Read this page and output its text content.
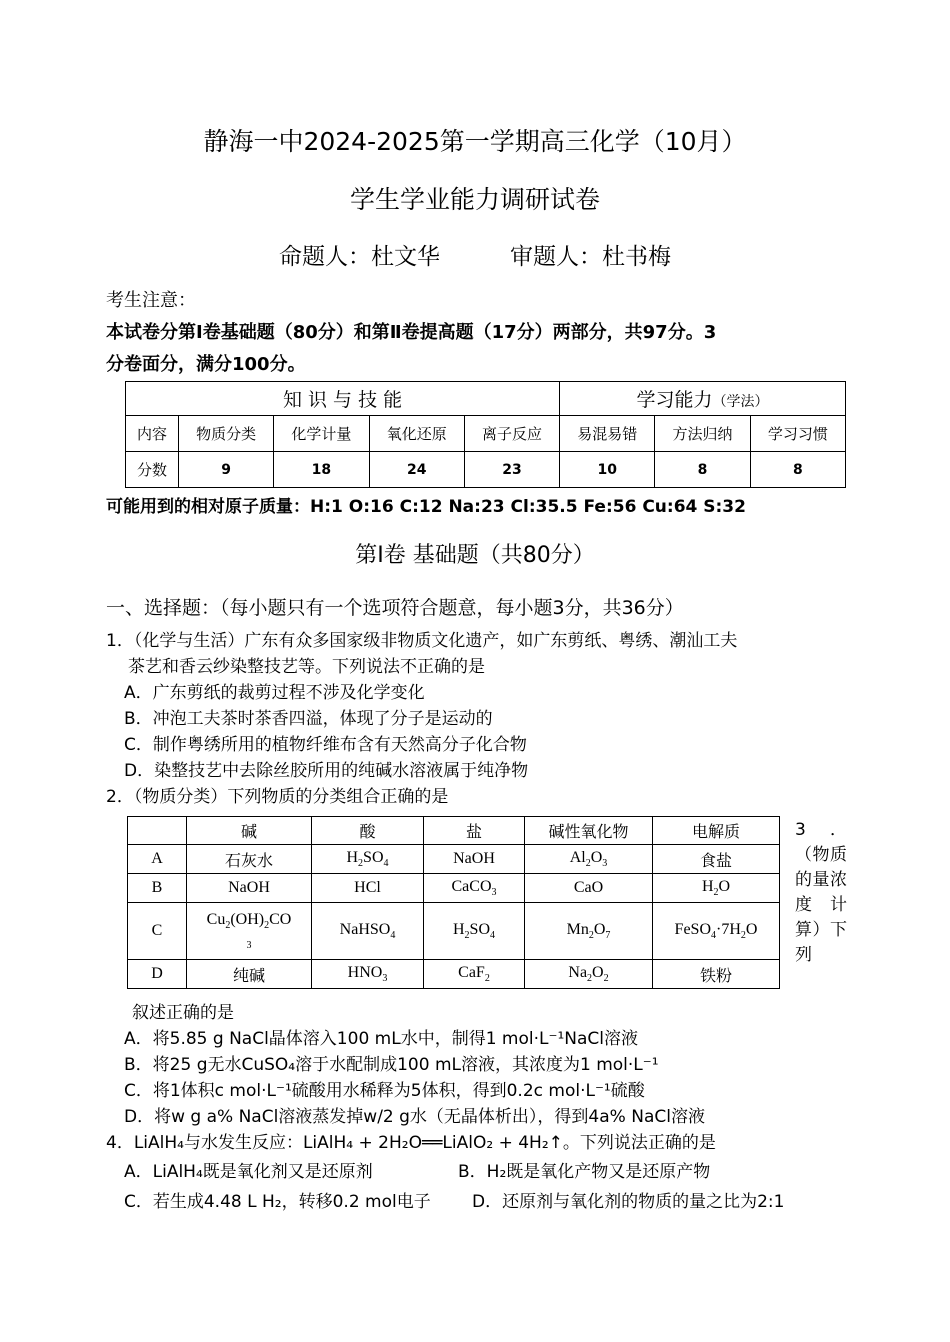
静海一中2024-2025第一学期高三化学（10月）
学生学业能力调研试卷
命题人：杜文华	审题人：杜书梅
考生注意：
本试卷分第Ⅰ卷基础题（80分）和第Ⅱ卷提高题（17分）两部分，共97分。3
分卷面分，满分100分。
知 识 与 技 能					学习能力（学法）		
内容	物质分类	化学计量	氧化还原	离子反应	易混易错	方法归纳	学习习惯
分数	9	18	24	23	10	8	8
可能用到的相对原子质量：H:1 O:16 C:12 Na:23 Cl:35.5 Fe:56 Cu:64 S:32
第Ⅰ卷 基础题（共80分）
一、选择题：（每小题只有一个选项符合题意，每小题3分，共36分）
1．（化学与生活）广东有众多国家级非物质文化遗产，如广东剪纸、粤绣、潮汕工夫
茶艺和香云纱染整技艺等。下列说法不正确的是
A．广东剪纸的裁剪过程不涉及化学变化
B．冲泡工夫茶时茶香四溢，体现了分子是运动的
C．制作粤绣所用的植物纤维布含有天然高分子化合物
D．染整技艺中去除丝胶所用的纯碱水溶液属于纯净物
2．（物质分类）下列物质的分类组合正确的是
	碱	酸	盐	碱性氧化物	电解质
A	石灰水	$H_2SO_4$	NaOH	$Al_2O_3$	食盐
B	NaOH	HCl	CaCO$_3$	CaO	$H_2O$
C	$Cu_2(OH)_2CO$
$_3$	NaHSO$_4$	$H_2SO_4$	$Mn_2O_7$	$FeSO_4\cdot 7H_2O$
D	纯碱	$HNO_3$	CaF$_2$	$Na_2O_2$	铁粉
3．（物质的量浓度计算）下列
叙述正确的是
A．将5.85 g NaCl晶体溶入100 mL水中，制得1 mol·L⁻¹NaCl溶液
B．将25 g无水CuSO₄溶于水配制成100 mL溶液，其浓度为1 mol·L⁻¹
C．将1体积c mol·L⁻¹硫酸用水稀释为5体积，得到0.2c mol·L⁻¹硫酸
D．将w g a% NaCl溶液蒸发掉w/2 g水（无晶体析出），得到4a% NaCl溶液
4．LiAlH₄与水发生反应：LiAlH₄ + 2H₂O══LiAlO₂ + 4H₂↑。下列说法正确的是
A．LiAlH₄既是氧化剂又是还原剂	B．H₂既是氧化产物又是还原产物
C．若生成4.48 L H₂，转移0.2 mol电子 D．还原剂与氧化剂的物质的量之比为2:1
